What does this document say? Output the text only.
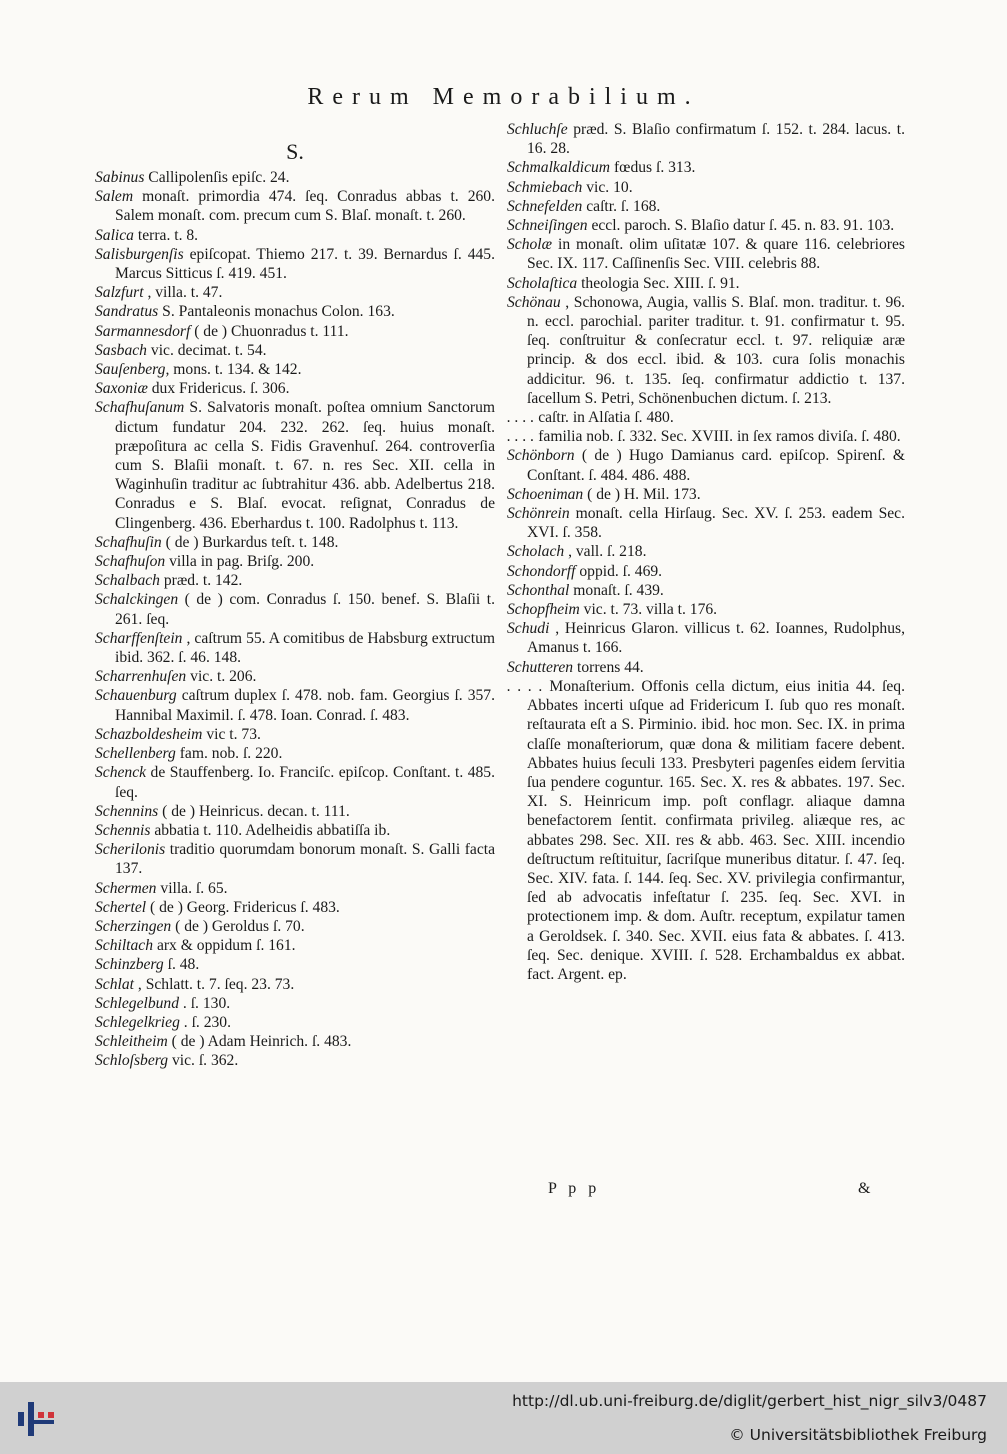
Rerum Memorabilium.
S.

Sabinus Callipolenſis epiſc. 24.

Salem monaſt. primordia 474. ſeq. Conradus abbas t. 260. Salem monaſt. com. precum cum S. Blaſ. monaſt. t. 260.

Salica terra. t. 8.

Salisburgenſis epiſcopat. Thiemo 217. t. 39. Bernardus ſ. 445. Marcus Sitticus ſ. 419. 451.

Salzfurt , villa. t. 47.

Sandratus S. Pantaleonis monachus Colon. 163.

Sarmannesdorf ( de ) Chuonradus t. 111.

Sasbach vic. decimat. t. 54.

Sauſenberg, mons. t. 134. & 142.

Saxoniæ dux Fridericus. ſ. 306.

Schafhuſanum S. Salvatoris monaſt. poſtea omnium Sanctorum dictum fundatur 204. 232. 262. ſeq. huius monaſt. præpoſitura ac cella S. Fidis Gravenhuſ. 264. controverſia cum S. Blaſii monaſt. t. 67. n. res Sec. XII. cella in Waginhuſin traditur ac ſubtrahitur 436. abb. Adelbertus 218. Conradus e S. Blaſ. evocat. reſignat, Conradus de Clingenberg. 436. Eberhardus t. 100. Radolphus t. 113.

Schafhuſin ( de ) Burkardus teſt. t. 148.

Schafhuſon villa in pag. Briſg. 200.

Schalbach præd. t. 142.

Schalckingen ( de ) com. Conradus ſ. 150. benef. S. Blaſii t. 261. ſeq.

Scharffenſtein , caſtrum 55. A comitibus de Habsburg extructum ibid. 362. ſ. 46. 148.

Scharrenhuſen vic. t. 206.

Schauenburg caſtrum duplex ſ. 478. nob. fam. Georgius ſ. 357. Hannibal Maximil. ſ. 478. Ioan. Conrad. ſ. 483.

Schazboldesheim vic t. 73.

Schellenberg fam. nob. ſ. 220.

Schenck de Stauffenberg. Io. Franciſc. epiſcop. Conſtant. t. 485. ſeq.

Schennins ( de ) Heinricus. decan. t. 111.

Schennis abbatia t. 110. Adelheidis abbatiſſa ib.

Scherilonis traditio quorumdam bonorum monaſt. S. Galli facta 137.

Schermen villa. ſ. 65.

Schertel ( de ) Georg. Fridericus ſ. 483.

Scherzingen ( de ) Geroldus ſ. 70.

Schiltach arx & oppidum ſ. 161.

Schinzberg ſ. 48.

Schlat , Schlatt. t. 7. ſeq. 23. 73.

Schlegelbund . ſ. 130.

Schlegelkrieg . ſ. 230.

Schleitheim ( de ) Adam Heinrich. ſ. 483.

Schloſsberg vic. ſ. 362.

Schluchſe præd. S. Blaſio confirmatum ſ. 152. t. 284. lacus. t. 16. 28.

Schmalkaldicum fœdus ſ. 313.

Schmiebach vic. 10.

Schnefelden caſtr. ſ. 168.

Schneiſingen eccl. paroch. S. Blaſio datur ſ. 45. n. 83. 91. 103.

Scholæ in monaſt. olim uſitatæ 107. & quare 116. celebriores Sec. IX. 117. Caſſinenſis Sec. VIII. celebris 88.

Scholaſtica theologia Sec. XIII. ſ. 91.

Schönau , Schonowa, Augia, vallis S. Blaſ. mon. traditur. t. 96. n. eccl. parochial. pariter traditur. t. 91. confirmatur t. 95. ſeq. conſtruitur & conſecratur eccl. t. 97. reliquiæ aræ princip. & dos eccl. ibid. & 103. cura ſolis monachis addicitur. 96. t. 135. ſeq. confirmatur addictio t. 137. ſacellum S. Petri, Schönenbuchen dictum. ſ. 213.

. . . . caſtr. in Alſatia ſ. 480.

. . . . familia nob. ſ. 332. Sec. XVIII. in ſex ramos diviſa. ſ. 480.

Schönborn ( de ) Hugo Damianus card. epiſcop. Spirenſ. & Conſtant. ſ. 484. 486. 488.

Schoeniman ( de ) H. Mil. 173.

Schönrein monaſt. cella Hirſaug. Sec. XV. ſ. 253. eadem Sec. XVI. ſ. 358.

Scholach , vall. ſ. 218.

Schondorff oppid. ſ. 469.

Schonthal monaſt. ſ. 439.

Schopfheim vic. t. 73. villa t. 176.

Schudi , Heinricus Glaron. villicus t. 62. Ioannes, Rudolphus, Amanus t. 166.

Schutteren torrens 44.

. . . . Monaſterium. Offonis cella dictum, eius initia 44. ſeq. Abbates incerti uſque ad Fridericum I. ſub quo res monaſt. reſtaurata eſt a S. Pirminio. ibid. hoc mon. Sec. IX. in prima claſſe monaſteriorum, quæ dona & militiam facere debent. Abbates huius ſeculi 133. Presbyteri pagenſes eidem ſervitia ſua pendere coguntur. 165. Sec. X. res & abbates. 197. Sec. XI. S. Heinricum imp. poſt conflagr. aliaque damna benefactorem ſentit. confirmata privileg. aliæque res, ac abbates 298. Sec. XII. res & abb. 463. Sec. XIII. incendio deſtructum reſtituitur, ſacriſque muneribus ditatur. ſ. 47. ſeq. Sec. XIV. fata. ſ. 144. ſeq. Sec. XV. privilegia confirmantur, ſed ab advocatis infeſtatur ſ. 235. ſeq. Sec. XVI. in protectionem imp. & dom. Auſtr. receptum, expilatur tamen a Geroldsek. ſ. 340. Sec. XVII. eius fata & abbates. ſ. 413. ſeq. Sec. denique. XVIII. ſ. 528. Erchambaldus ex abbat. fact. Argent. ep.

P p p	&
http://dl.ub.uni-freiburg.de/diglit/gerbert_hist_nigr_silv3/0487
© Universitätsbibliothek Freiburg
